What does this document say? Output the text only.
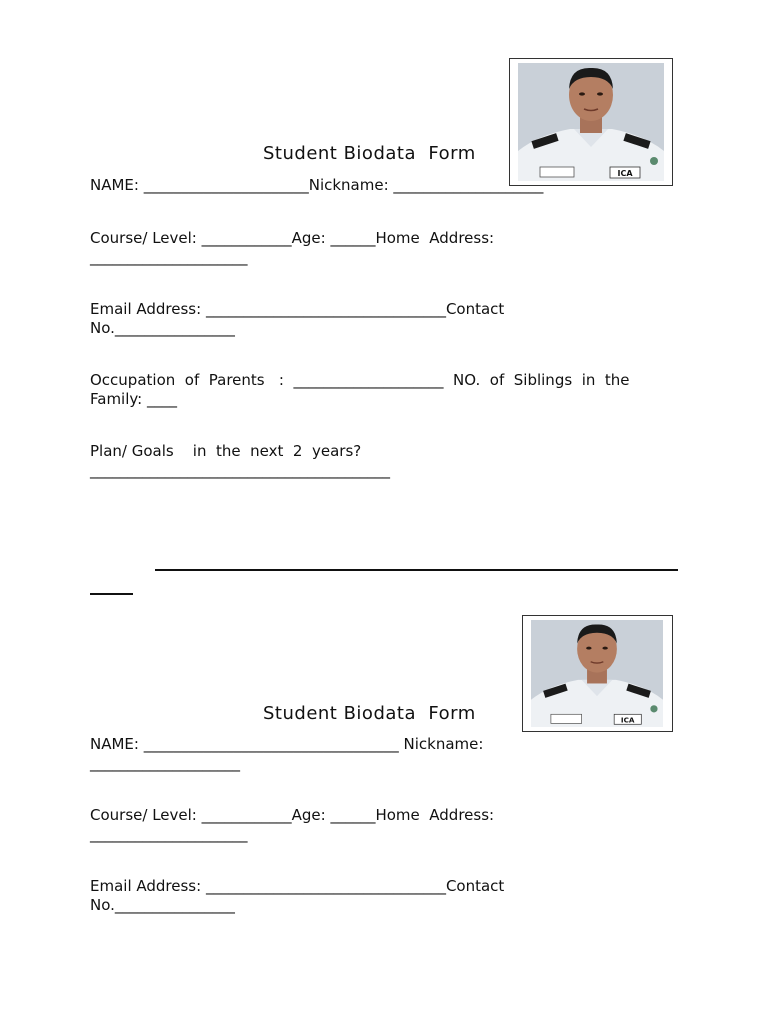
ICA
Student Biodata  Form
NAME: ______________________Nickname: ____________________
Course/ Level: ____________Age: ______Home  Address:
_____________________
Email Address: ________________________________Contact
No.________________
Occupation  of  Parents   :  ____________________  NO.  of  Siblings  in  the
Family: ____
Plan/ Goals    in  the  next  2  years?
________________________________________
ICA
Student Biodata  Form
NAME: __________________________________ Nickname:
____________________
Course/ Level: ____________Age: ______Home  Address:
_____________________
Email Address: ________________________________Contact
No.________________
